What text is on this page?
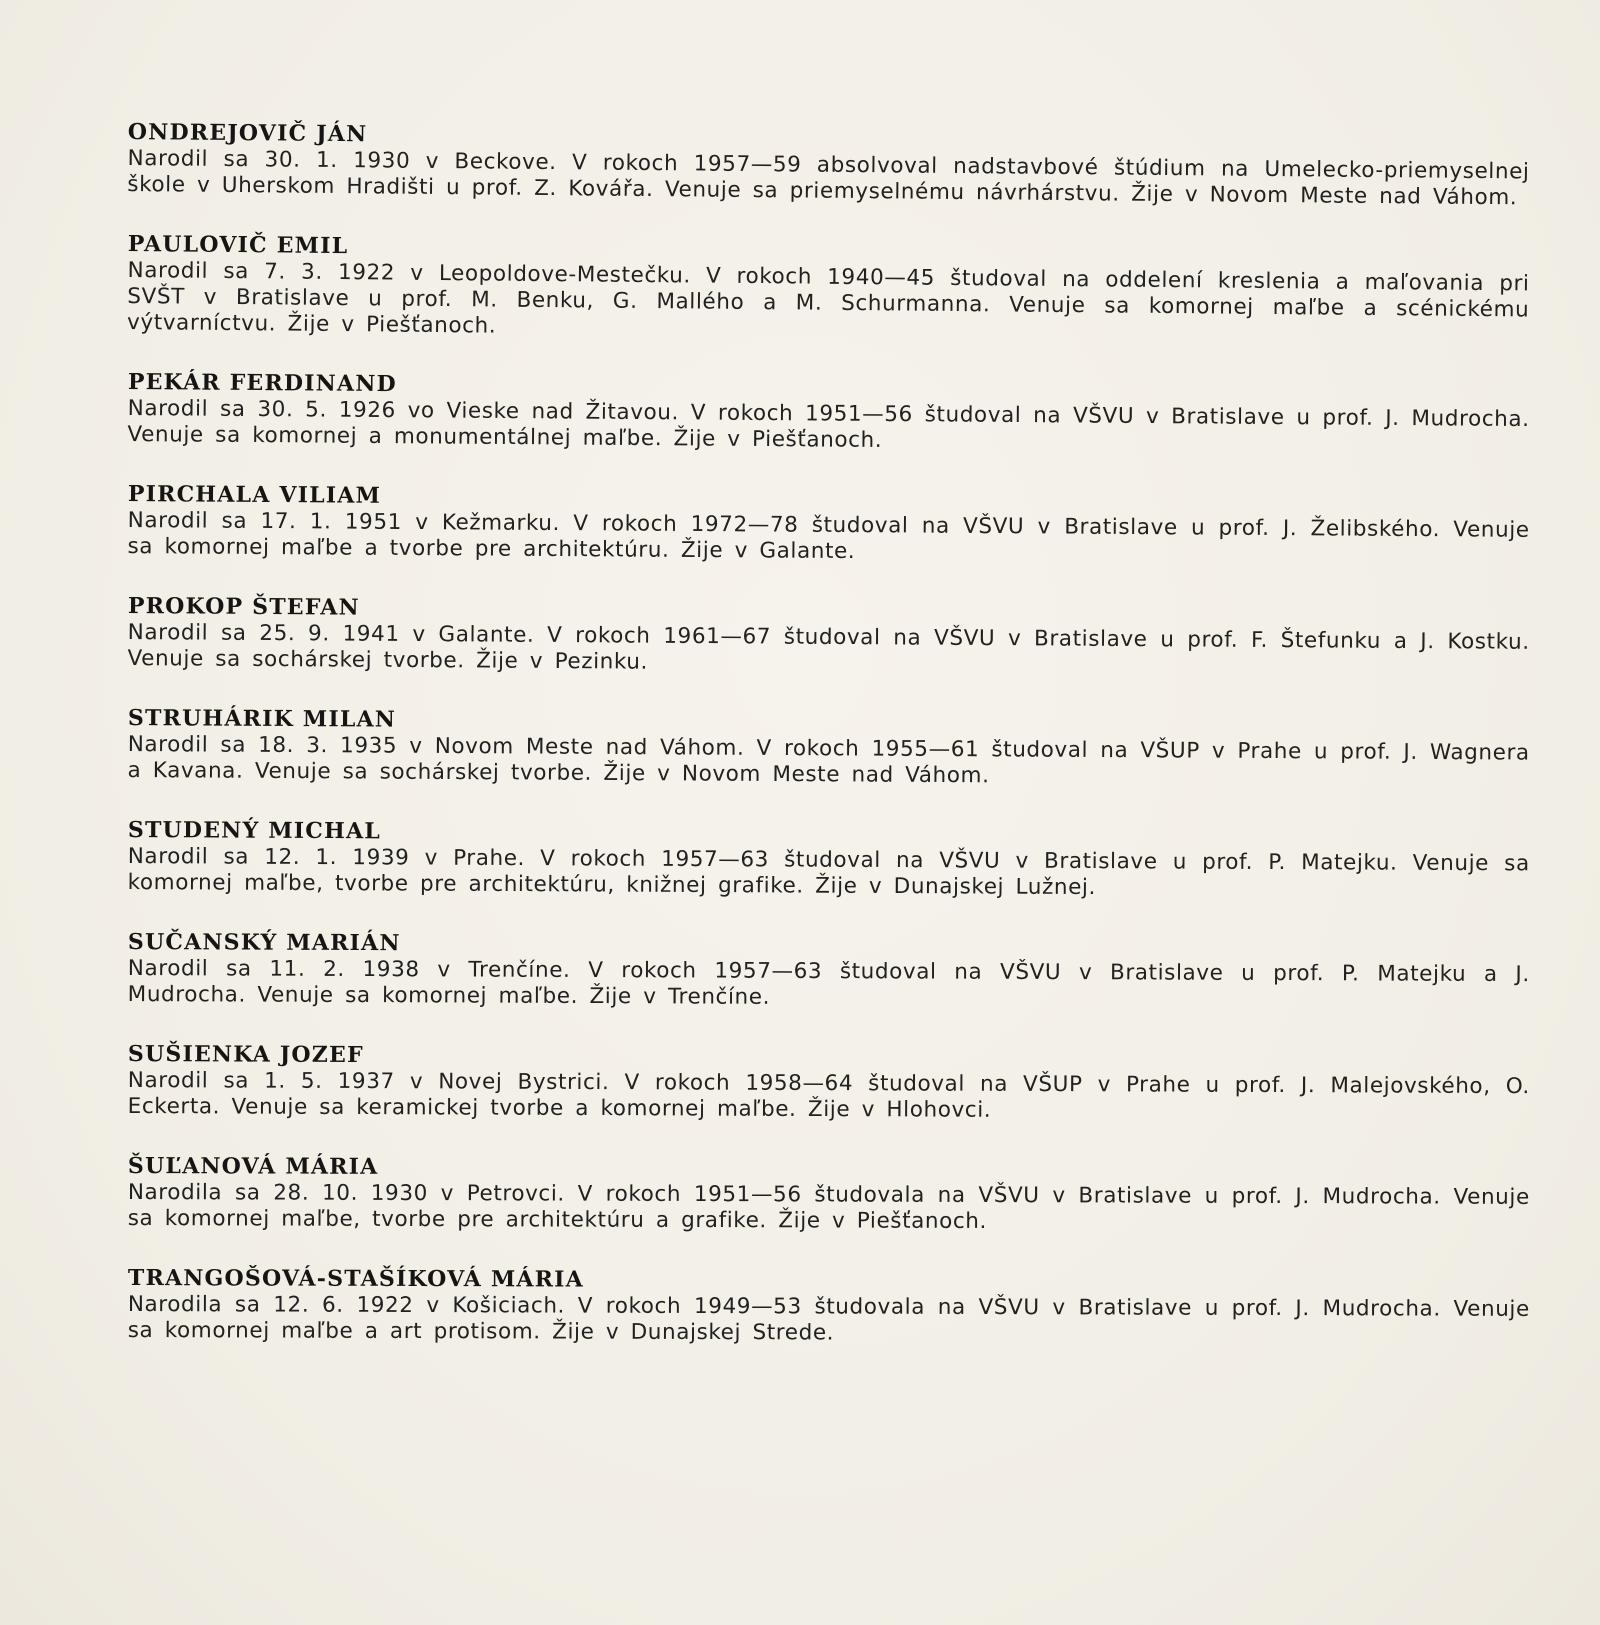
ONDREJOVIČ JÁN

Narodil sa 30. 1. 1930 v Beckove. V rokoch 1957—59 absolvoval nadstavbové štúdium na Umelecko-priemyselnej škole v Uherskom Hradišti u prof. Z. Kovářa. Venuje sa priemyselnému návrhárstvu. Žije v Novom Meste nad Váhom.

PAULOVIČ EMIL

Narodil sa 7. 3. 1922 v Leopoldove-Mestečku. V rokoch 1940—45 študoval na oddelení kreslenia a maľovania pri SVŠT v Bratislave u prof. M. Benku, G. Mallého a M. Schurmanna. Venuje sa komornej maľbe a scénickému výtvarníctvu. Žije v Piešťanoch.

PEKÁR FERDINAND

Narodil sa 30. 5. 1926 vo Vieske nad Žitavou. V rokoch 1951—56 študoval na VŠVU v Bratislave u prof. J. Mudrocha. Venuje sa komornej a monumentálnej maľbe. Žije v Piešťanoch.

PIRCHALA VILIAM

Narodil sa 17. 1. 1951 v Kežmarku. V rokoch 1972—78 študoval na VŠVU v Bratislave u prof. J. Želibského. Venuje sa komornej maľbe a tvorbe pre architektúru. Žije v Galante.

PROKOP ŠTEFAN

Narodil sa 25. 9. 1941 v Galante. V rokoch 1961—67 študoval na VŠVU v Bratislave u prof. F. Štefunku a J. Kostku. Venuje sa sochárskej tvorbe. Žije v Pezinku.

STRUHÁRIK MILAN

Narodil sa 18. 3. 1935 v Novom Meste nad Váhom. V rokoch 1955—61 študoval na VŠUP v Prahe u prof. J. Wagnera a Kavana. Venuje sa sochárskej tvorbe. Žije v Novom Meste nad Váhom.

STUDENÝ MICHAL

Narodil sa 12. 1. 1939 v Prahe. V rokoch 1957—63 študoval na VŠVU v Bratislave u prof. P. Matejku. Venuje sa komornej maľbe, tvorbe pre architektúru, knižnej grafike. Žije v Dunajskej Lužnej.

SUČANSKÝ MARIÁN

Narodil sa 11. 2. 1938 v Trenčíne. V rokoch 1957—63 študoval na VŠVU v Bratislave u prof. P. Matejku a J. Mudrocha. Venuje sa komornej maľbe. Žije v Trenčíne.

SUŠIENKA JOZEF

Narodil sa 1. 5. 1937 v Novej Bystrici. V rokoch 1958—64 študoval na VŠUP v Prahe u prof. J. Malejovského, O. Eckerta. Venuje sa keramickej tvorbe a komornej maľbe. Žije v Hlohovci.

ŠUĽANOVÁ MÁRIA

Narodila sa 28. 10. 1930 v Petrovci. V rokoch 1951—56 študovala na VŠVU v Bratislave u prof. J. Mudrocha. Venuje sa komornej maľbe, tvorbe pre architektúru a grafike. Žije v Piešťanoch.

TRANGOŠOVÁ-STAŠÍKOVÁ MÁRIA

Narodila sa 12. 6. 1922 v Košiciach. V rokoch 1949—53 študovala na VŠVU v Bratislave u prof. J. Mudrocha. Venuje sa komornej maľbe a art protisom. Žije v Dunajskej Strede.
